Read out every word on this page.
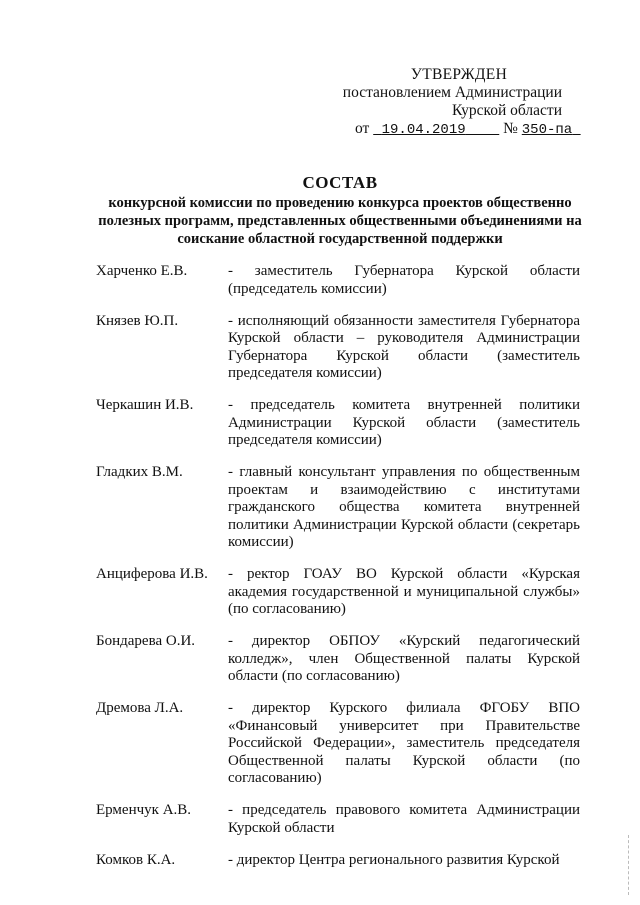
УТВЕРЖДЕН
постановлением Администрации
Курской области
от 19.04.2019 № 350-па
СОСТАВ
конкурсной комиссии по проведению конкурса проектов общественно полезных программ, представленных общественными объединениями на соискание областной государственной поддержки
Харченко Е.В.	- заместитель Губернатора Курской области (председатель комиссии)
Князев Ю.П.	- исполняющий обязанности заместителя Губернатора Курской области – руководителя Администрации Губернатора Курской области (заместитель председателя комиссии)
Черкашин И.В.	- председатель комитета внутренней политики Администрации Курской области (заместитель председателя комиссии)
Гладких В.М.	- главный консультант управления по общественным проектам и взаимодействию с институтами гражданского общества комитета внутренней политики Администрации Курской области (секретарь комиссии)
Анциферова И.В.	- ректор ГОАУ ВО Курской области «Курская академия государственной и муниципальной службы» (по согласованию)
Бондарева О.И.	- директор ОБПОУ «Курский педагогический колледж», член Общественной палаты Курской области (по согласованию)
Дремова Л.А.	- директор Курского филиала ФГОБУ ВПО «Финансовый университет при Правительстве Российской Федерации», заместитель председателя Общественной палаты Курской области (по согласованию)
Ерменчук А.В.	- председатель правового комитета Администрации Курской области
Комков К.А.	- директор Центра регионального развития Курской
